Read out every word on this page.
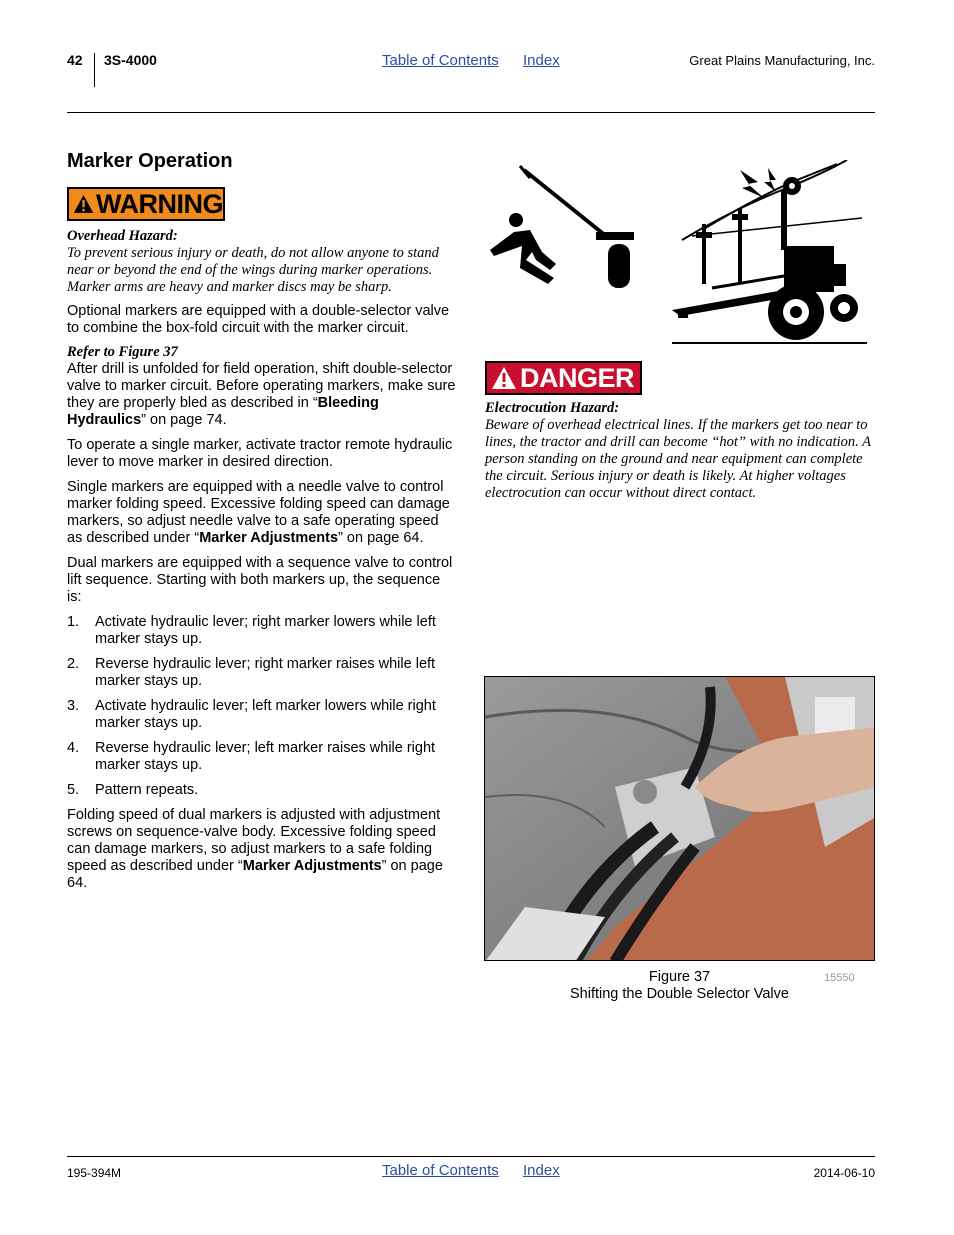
42 3S-4000	Table of Contents Index	Great Plains Manufacturing, Inc.
Marker Operation
WARNING
Overhead Hazard:
To prevent serious injury or death, do not allow anyone to stand near or beyond the end of the wings during marker operations. Marker arms are heavy and marker discs may be sharp.

Optional markers are equipped with a double-selector valve to combine the box-fold circuit with the marker circuit.

Refer to Figure 37

After drill is unfolded for field operation, shift double-selector valve to marker circuit. Before operating markers, make sure they are properly bled as described in “Bleeding Hydraulics” on page 74.

To operate a single marker, activate tractor remote hydraulic lever to move marker in desired direction.

Single markers are equipped with a needle valve to control marker folding speed. Excessive folding speed can damage markers, so adjust needle valve to a safe operating speed as described under “Marker Adjustments” on page 64.

Dual markers are equipped with a sequence valve to control lift sequence. Starting with both markers up, the sequence is:

1. Activate hydraulic lever; right marker lowers while left marker stays up.
2. Reverse hydraulic lever; right marker raises while left marker stays up.
3. Activate hydraulic lever; left marker lowers while right marker stays up.
4. Reverse hydraulic lever; left marker raises while right marker stays up.
5. Pattern repeats.

Folding speed of dual markers is adjusted with adjustment screws on sequence-valve body. Excessive folding speed can damage markers, so adjust markers to a safe folding speed as described under “Marker Adjustments” on page 64.

DANGER
Electrocution Hazard:
Beware of overhead electrical lines. If the markers get too near to lines, the tractor and drill can become “hot” with no indication. A person standing on the ground and near equipment can complete the circuit. Serious injury or death is likely. At higher voltages electrocution can occur without direct contact.
Figure 37
Shifting the Double Selector Valve
15550
195-394M	Table of Contents Index	2014-06-10
